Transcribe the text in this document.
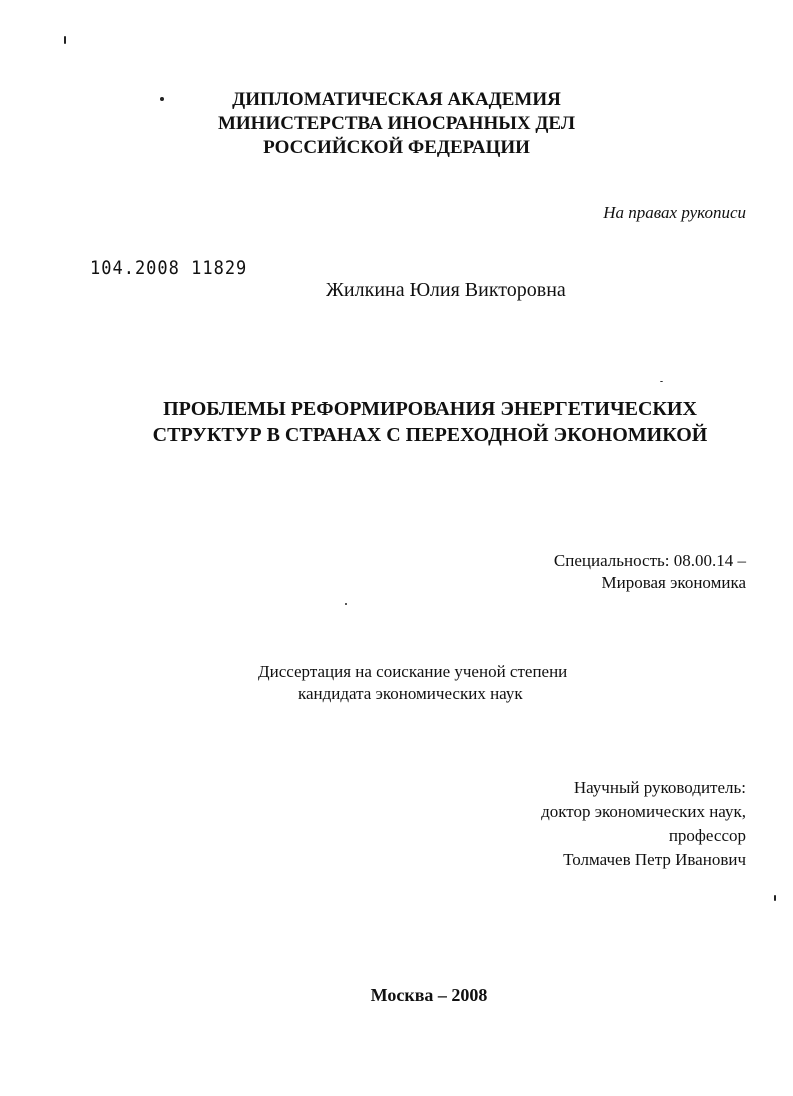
ДИПЛОМАТИЧЕСКАЯ АКАДЕМИЯ
МИНИСТЕРСТВА ИНОСРАННЫХ ДЕЛ
РОССИЙСКОЙ ФЕДЕРАЦИИ
На правах рукописи
104.2008 11829
Жилкина Юлия Викторовна
ПРОБЛЕМЫ РЕФОРМИРОВАНИЯ ЭНЕРГЕТИЧЕСКИХ
СТРУКТУР В СТРАНАХ С ПЕРЕХОДНОЙ ЭКОНОМИКОЙ
Специальность: 08.00.14 –
Мировая экономика
Диссертация на соискание ученой степени
кандидата экономических наук
Научный руководитель:
доктор экономических наук,
профессор
Толмачев Петр Иванович
Москва – 2008
